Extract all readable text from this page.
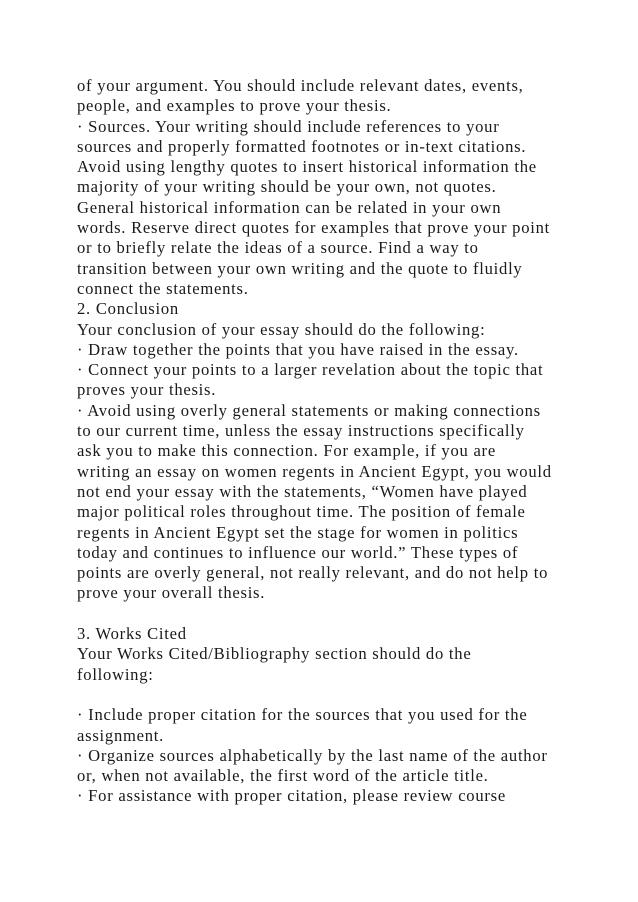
of your argument. You should include relevant dates, events,
people, and examples to prove your thesis.
· Sources. Your writing should include references to your
sources and properly formatted footnotes or in-text citations.
Avoid using lengthy quotes to insert historical information the
majority of your writing should be your own, not quotes.
General historical information can be related in your own
words. Reserve direct quotes for examples that prove your point
or to briefly relate the ideas of a source. Find a way to
transition between your own writing and the quote to fluidly
connect the statements.
2. Conclusion
Your conclusion of your essay should do the following:
· Draw together the points that you have raised in the essay.
· Connect your points to a larger revelation about the topic that
proves your thesis.
· Avoid using overly general statements or making connections
to our current time, unless the essay instructions specifically
ask you to make this connection. For example, if you are
writing an essay on women regents in Ancient Egypt, you would
not end your essay with the statements, “Women have played
major political roles throughout time. The position of female
regents in Ancient Egypt set the stage for women in politics
today and continues to influence our world.” These types of
points are overly general, not really relevant, and do not help to
prove your overall thesis.
3. Works Cited
Your Works Cited/Bibliography section should do the
following:
· Include proper citation for the sources that you used for the
assignment.
· Organize sources alphabetically by the last name of the author
or, when not available, the first word of the article title.
· For assistance with proper citation, please review course
